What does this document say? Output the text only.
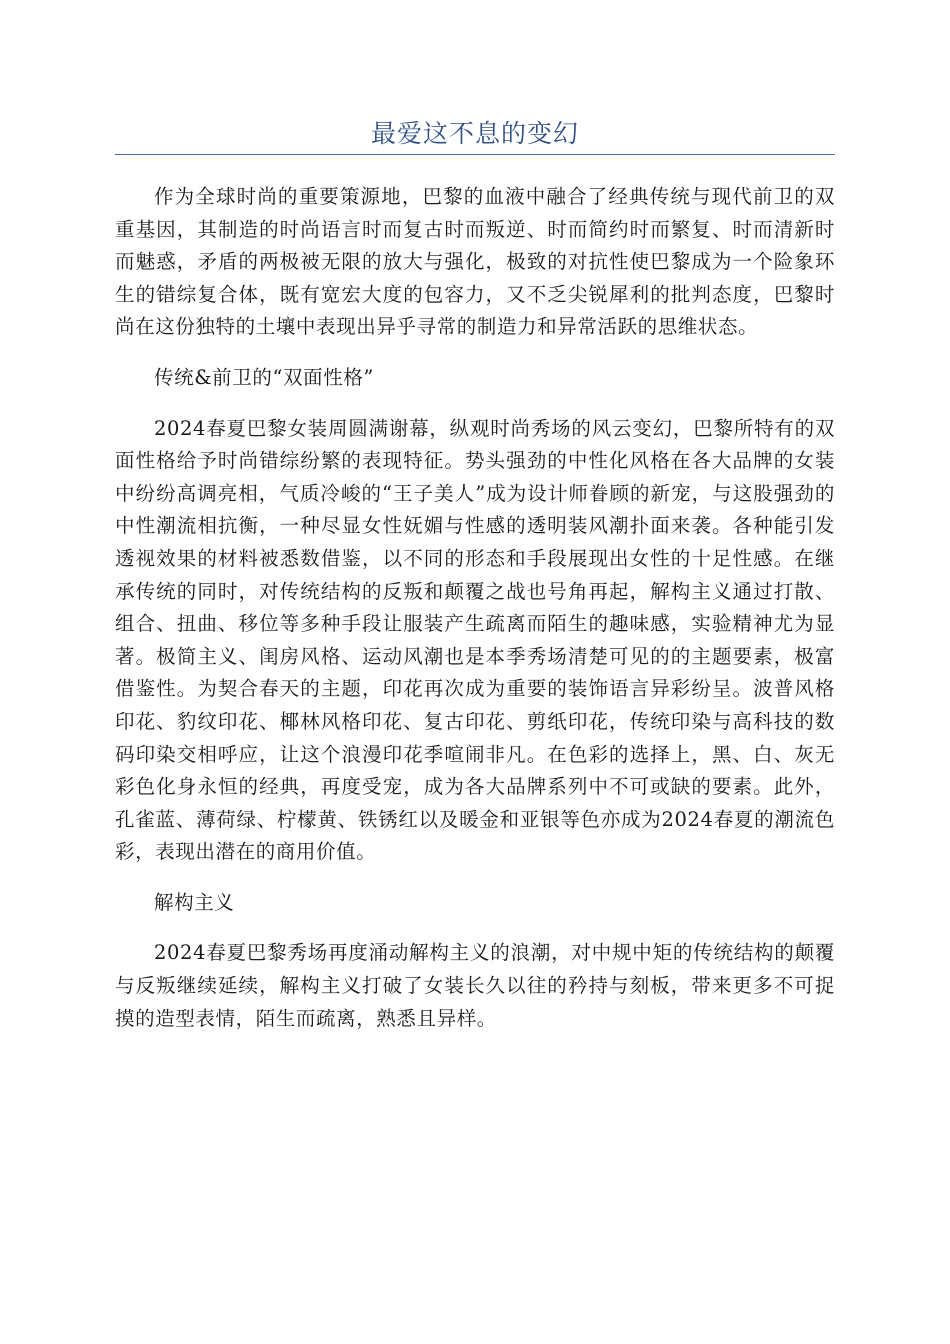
最爱这不息的变幻

作为全球时尚的重要策源地，巴黎的血液中融合了经典传统与现代前卫的双重基因，其制造的时尚语言时而复古时而叛逆、时而简约时而繁复、时而清新时而魅惑，矛盾的两极被无限的放大与强化，极致的对抗性使巴黎成为一个险象环生的错综复合体，既有宽宏大度的包容力，又不乏尖锐犀利的批判态度，巴黎时尚在这份独特的土壤中表现出异乎寻常的制造力和异常活跃的思维状态。

传统&前卫的“双面性格”

2024春夏巴黎女装周圆满谢幕，纵观时尚秀场的风云变幻，巴黎所特有的双面性格给予时尚错综纷繁的表现特征。势头强劲的中性化风格在各大品牌的女装中纷纷高调亮相，气质冷峻的“王子美人”成为设计师眷顾的新宠，与这股强劲的中性潮流相抗衡，一种尽显女性妩媚与性感的透明装风潮扑面来袭。各种能引发透视效果的材料被悉数借鉴，以不同的形态和手段展现出女性的十足性感。在继承传统的同时，对传统结构的反叛和颠覆之战也号角再起，解构主义通过打散、组合、扭曲、移位等多种手段让服装产生疏离而陌生的趣味感，实验精神尤为显著。极简主义、闺房风格、运动风潮也是本季秀场清楚可见的的主题要素，极富借鉴性。为契合春天的主题，印花再次成为重要的装饰语言异彩纷呈。波普风格印花、豹纹印花、椰林风格印花、复古印花、剪纸印花，传统印染与高科技的数码印染交相呼应，让这个浪漫印花季喧闹非凡。在色彩的选择上，黑、白、灰无彩色化身永恒的经典，再度受宠，成为各大品牌系列中不可或缺的要素。此外，孔雀蓝、薄荷绿、柠檬黄、铁锈红以及暖金和亚银等色亦成为2024春夏的潮流色彩，表现出潜在的商用价值。

解构主义

2024春夏巴黎秀场再度涌动解构主义的浪潮，对中规中矩的传统结构的颠覆与反叛继续延续，解构主义打破了女装长久以往的矜持与刻板，带来更多不可捉摸的造型表情，陌生而疏离，熟悉且异样。
